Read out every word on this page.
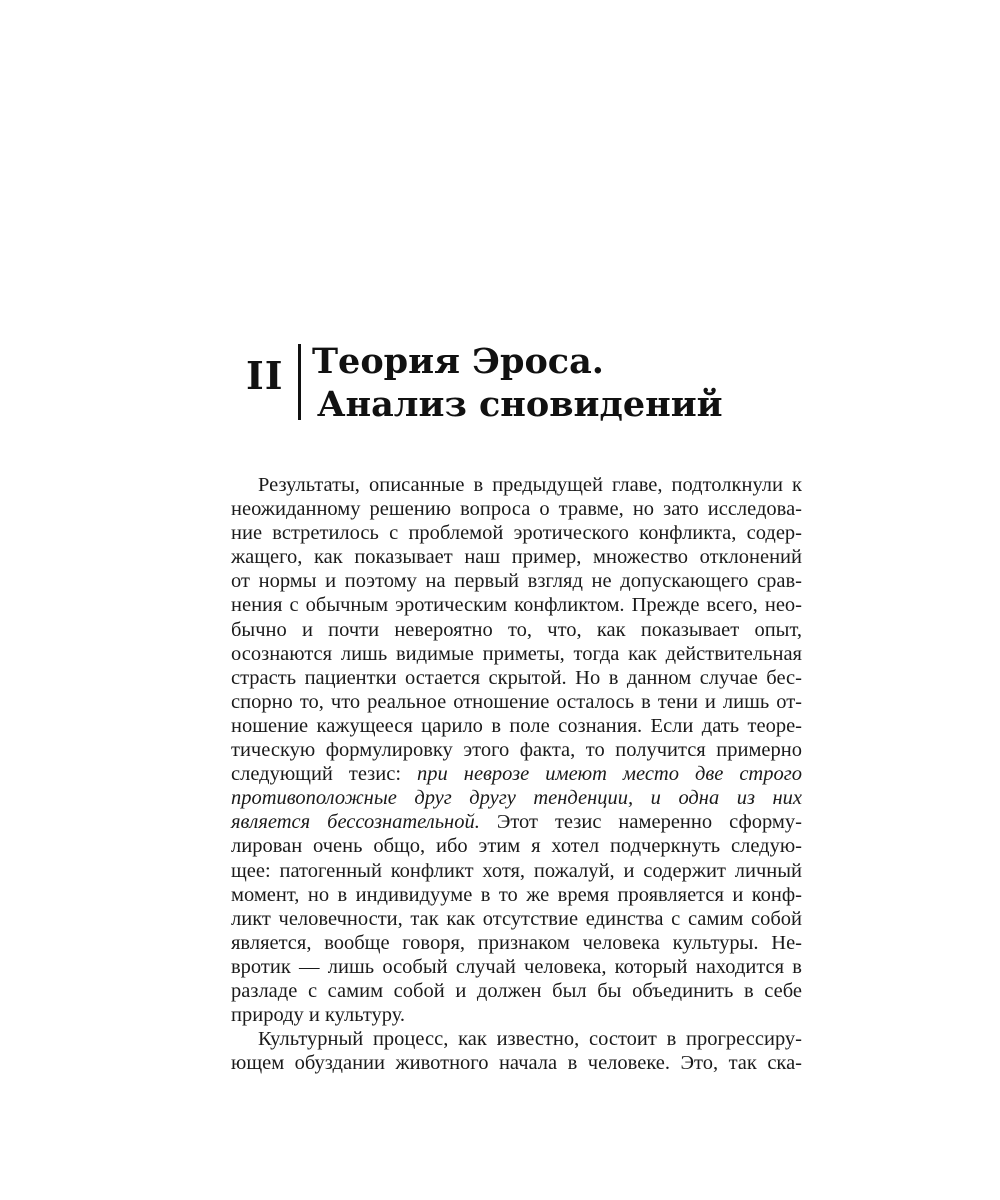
II Теория Эроса.
Анализ сновидений
Результаты, описанные в предыдущей главе, подтолкнули к
неожиданному решению вопроса о травме, но зато исследова-
ние встретилось с проблемой эротического конфликта, содер-
жащего, как показывает наш пример, множество отклонений
от нормы и поэтому на первый взгляд не допускающего срав-
нения с обычным эротическим конфликтом. Прежде всего, нео-
бычно и почти невероятно то, что, как показывает опыт,
осознаются лишь видимые приметы, тогда как действительная
страсть пациентки остается скрытой. Но в данном случае бес-
спорно то, что реальное отношение осталось в тени и лишь от-
ношение кажущееся царило в поле сознания. Если дать теоре-
тическую формулировку этого факта, то получится примерно
следующий тезис: при неврозе имеют место две строго
противоположные друг другу тенденции, и одна из них
является бессознательной. Этот тезис намеренно сформу-
лирован очень общо, ибо этим я хотел подчеркнуть следую-
щее: патогенный конфликт хотя, пожалуй, и содержит личный
момент, но в индивидууме в то же время проявляется и конф-
ликт человечности, так как отсутствие единства с самим собой
является, вообще говоря, признаком человека культуры. Не-
вротик — лишь особый случай человека, который находится в
разладе с самим собой и должен был бы объединить в себе
природу и культуру.
Культурный процесс, как известно, состоит в прогрессиру-
ющем обуздании животного начала в человеке. Это, так ска-
